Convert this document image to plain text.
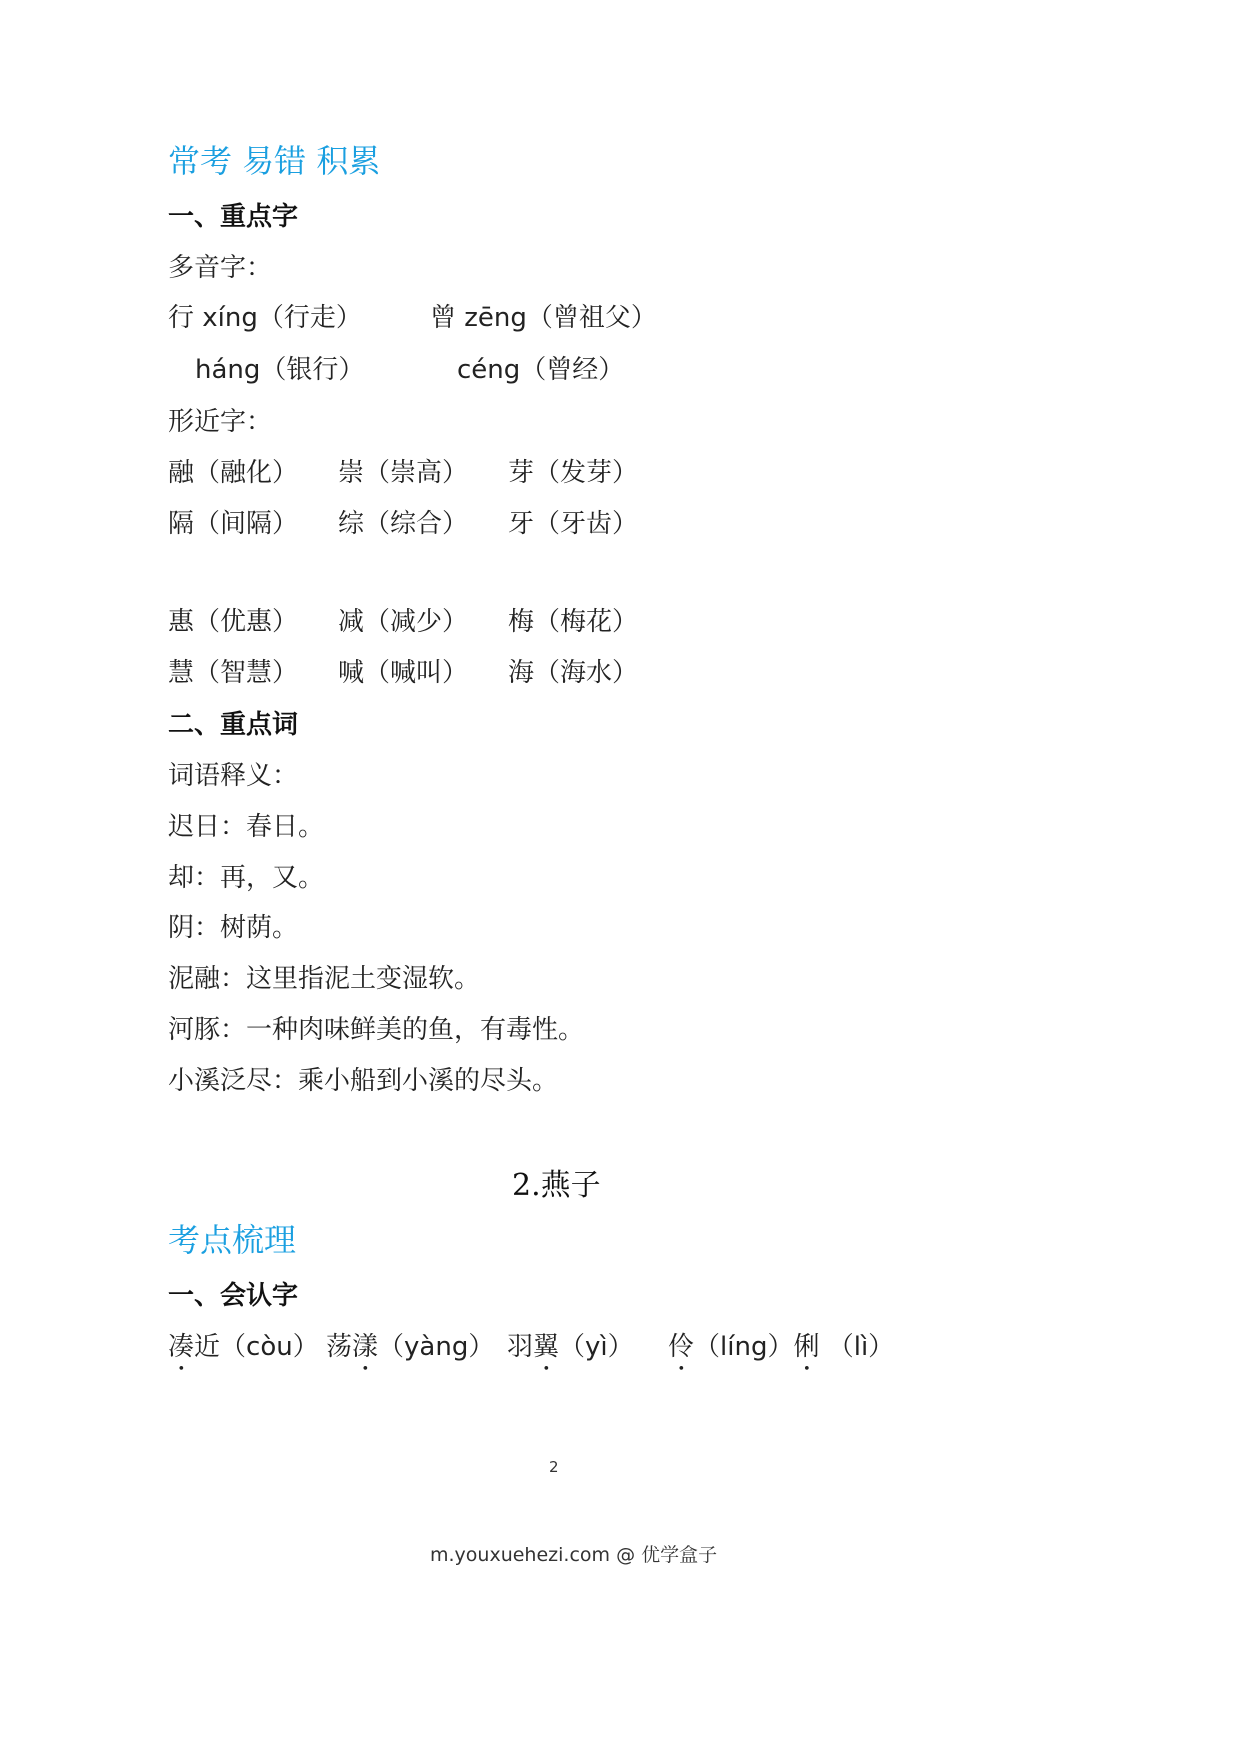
常考 易错 积累
一、重点字
多音字：
行 xíng（行走）	曾 zēng（曾祖父）
háng（银行）	céng（曾经）
形近字：
融（融化） 崇（崇高） 芽（发芽）
隔（间隔） 综（综合） 牙（牙齿）
惠（优惠） 减（减少） 梅（梅花）
慧（智慧） 喊（喊叫） 海（海水）
二、重点词
词语释义：
迟日：春日。
却：再，又。
阴：树荫。
泥融：这里指泥土变湿软。
河豚：一种肉味鲜美的鱼，有毒性。
小溪泛尽：乘小船到小溪的尽头。
2.燕子
考点梳理
一、会认字
凑近（còu） 荡漾（yàng） 羽翼（yì） 伶（líng）俐 （lì）
2
m.youxuehezi.com @ 优学盒子
